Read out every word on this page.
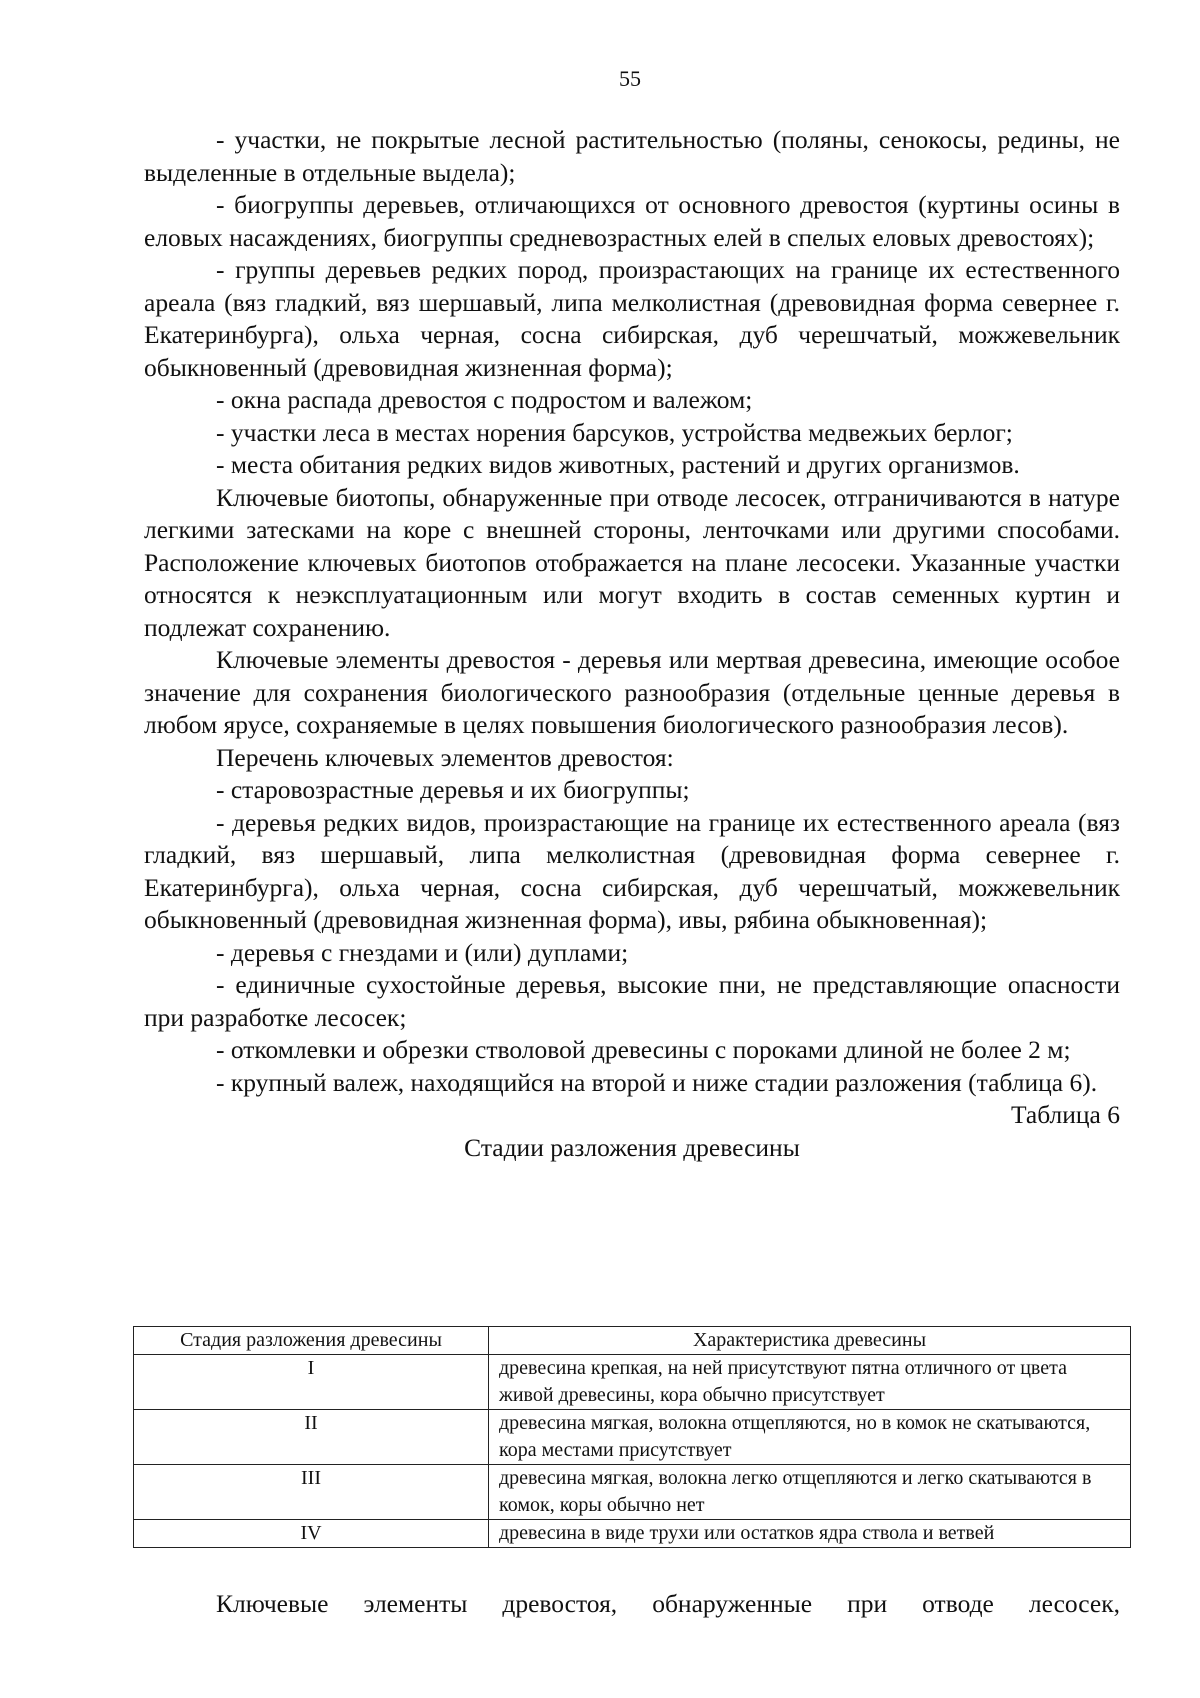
55

- участки, не покрытые лесной растительностью (поляны, сенокосы, редины, не выделенные в отдельные выдела);

- биогруппы деревьев, отличающихся от основного древостоя (куртины осины в еловых насаждениях, биогруппы средневозрастных елей в спелых еловых древостоях);

- группы деревьев редких пород, произрастающих на границе их естественного ареала (вяз гладкий, вяз шершавый, липа мелколистная (древовидная форма севернее г. Екатеринбурга), ольха черная, сосна сибирская, дуб черешчатый, можжевельник обыкновенный (древовидная жизненная форма);

- окна распада древостоя с подростом и валежом;

- участки леса в местах норения барсуков, устройства медвежьих берлог;

- места обитания редких видов животных, растений и других организмов.

Ключевые биотопы, обнаруженные при отводе лесосек, отграничиваются в натуре легкими затесками на коре с внешней стороны, ленточками или другими способами. Расположение ключевых биотопов отображается на плане лесосеки. Указанные участки относятся к неэксплуатационным или могут входить в состав семенных куртин и подлежат сохранению.

Ключевые элементы древостоя - деревья или мертвая древесина, имеющие особое значение для сохранения биологического разнообразия (отдельные ценные деревья в любом ярусе, сохраняемые в целях повышения биологического разнообразия лесов).

Перечень ключевых элементов древостоя:

- старовозрастные деревья и их биогруппы;

- деревья редких видов, произрастающие на границе их естественного ареала (вяз гладкий, вяз шершавый, липа мелколистная (древовидная форма севернее г. Екатеринбурга), ольха черная, сосна сибирская, дуб черешчатый, можжевельник обыкновенный (древовидная жизненная форма), ивы, рябина обыкновенная);

- деревья с гнездами и (или) дуплами;

- единичные сухостойные деревья, высокие пни, не представляющие опасности при разработке лесосек;

- откомлевки и обрезки стволовой древесины с пороками длиной не более 2 м;

- крупный валеж, находящийся на второй и ниже стадии разложения (таблица 6).

Таблица 6

Стадии разложения древесины

Стадия разложения древесины	Характеристика древесины
I	древесина крепкая, на ней присутствуют пятна отличного от цвета живой древесины, кора обычно присутствует
II	древесина мягкая, волокна отщепляются, но в комок не скатываются, кора местами присутствует
III	древесина мягкая, волокна легко отщепляются и легко скатываются в комок, коры обычно нет
IV	древесина в виде трухи или остатков ядра ствола и ветвей

Ключевые элементы древостоя, обнаруженные при отводе лесосек,
